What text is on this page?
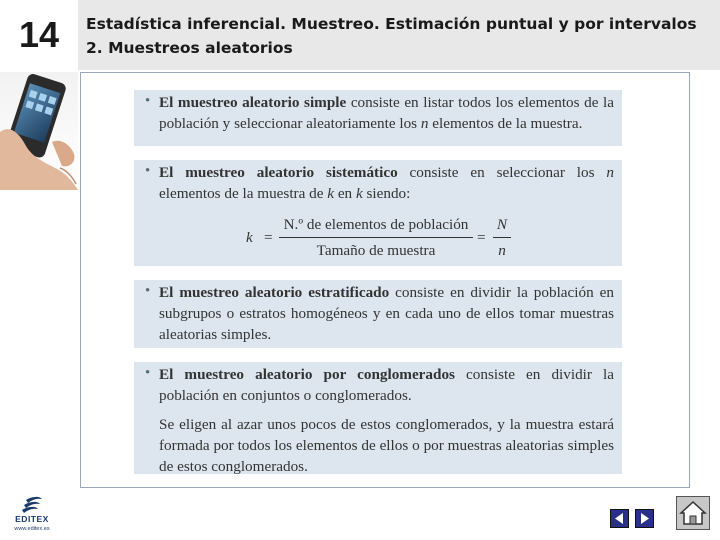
14	Estadística inferencial. Muestreo. Estimación puntual y por intervalos
2. Muestreos aleatorios
• El muestreo aleatorio simple consiste en listar todos los elementos de la población y seleccionar aleatoriamente los n elementos de la muestra.

• El muestreo aleatorio sistemático consiste en seleccionar los n elementos de la muestra de k en k siendo:

k =
N.º de elementos de población
Tamaño de muestra
=
N
n
• El muestreo aleatorio estratificado consiste en dividir la población en subgrupos o estratos homogéneos y en cada uno de ellos tomar muestras aleatorias simples.

• El muestreo aleatorio por conglomerados consiste en dividir la población en conjuntos o conglomerados.

Se eligen al azar unos pocos de estos conglomerados, y la muestra estará formada por todos los elementos de ellos o por muestras aleatorias simples de estos conglomerados.

EDITEX
www.editex.es
